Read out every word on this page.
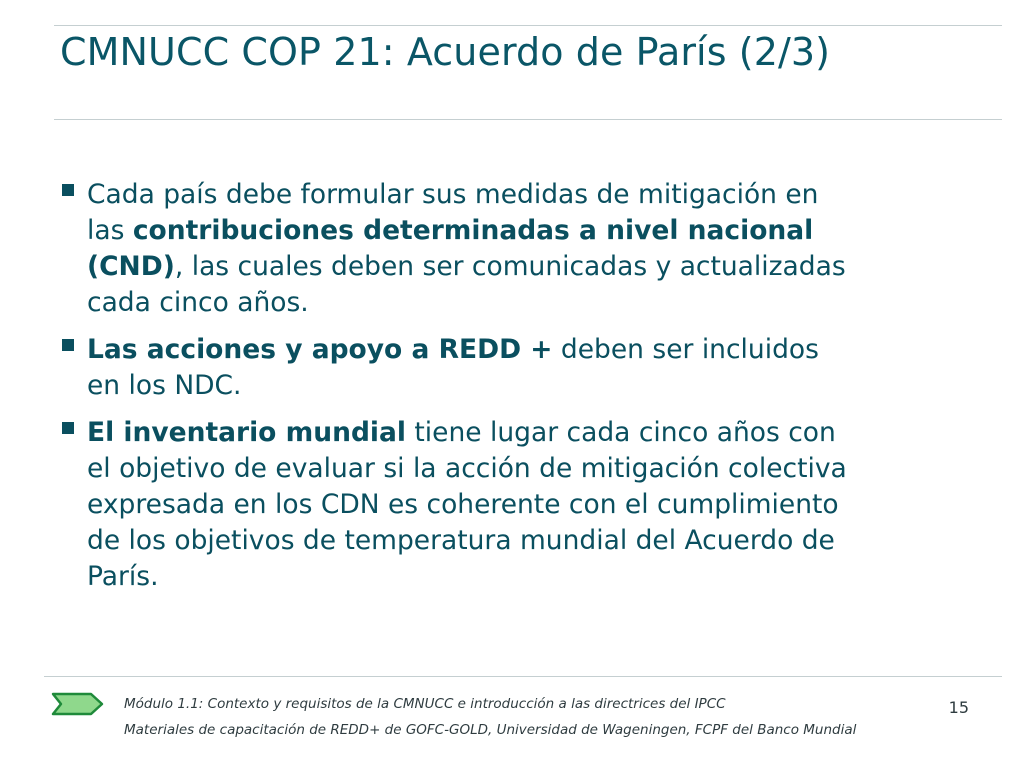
CMNUCC COP 21: Acuerdo de París (2/3)
Cada país debe formular sus medidas de mitigación en
las contribuciones determinadas a nivel nacional
(CND), las cuales deben ser comunicadas y actualizadas
cada cinco años.
Las acciones y apoyo a REDD + deben ser incluidos
en los NDC.
El inventario mundial tiene lugar cada cinco años con
el objetivo de evaluar si la acción de mitigación colectiva
expresada en los CDN es coherente con el cumplimiento
de los objetivos de temperatura mundial del Acuerdo de
París.
Módulo 1.1: Contexto y requisitos de la CMNUCC e introducción a las directrices del IPCC
Materiales de capacitación de REDD+ de GOFC-GOLD, Universidad de Wageningen, FCPF del Banco Mundial
15
